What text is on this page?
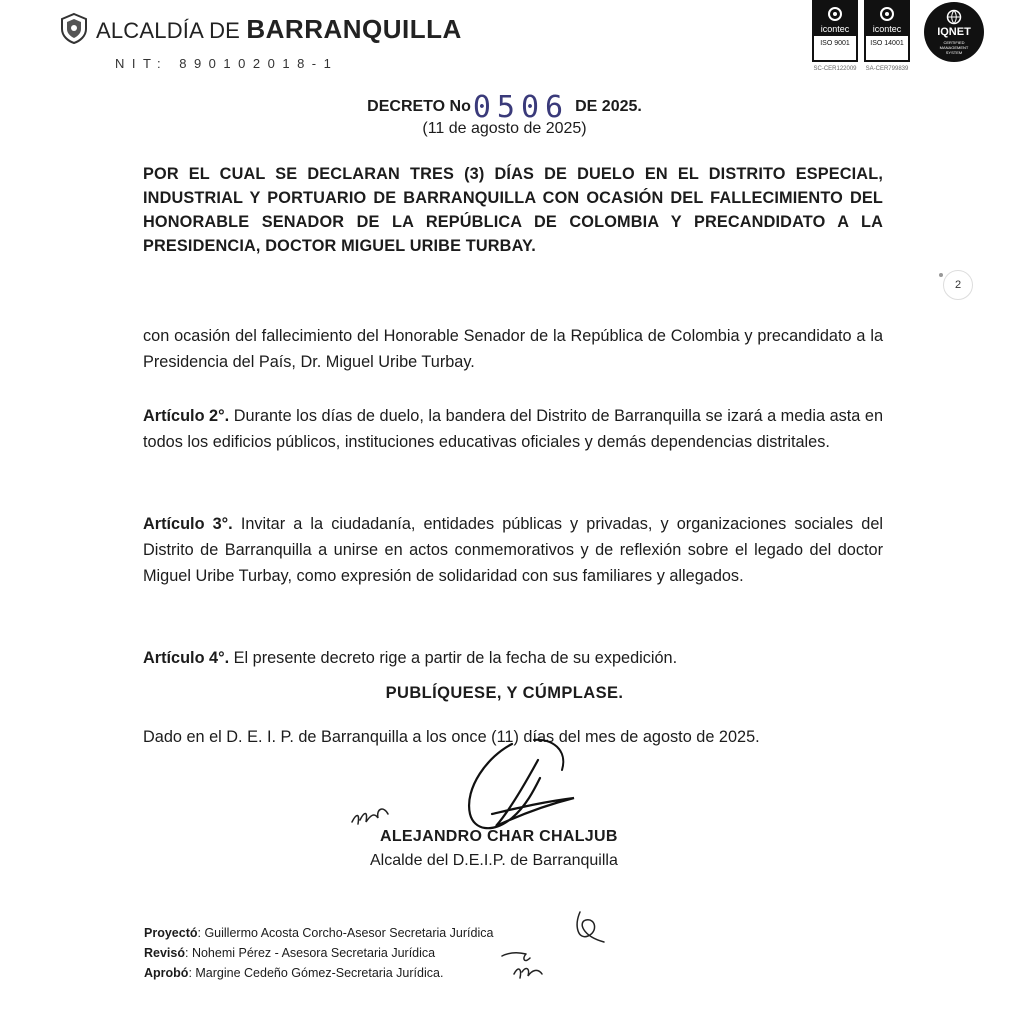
ALCALDÍA DE BARRANQUILLA
NIT: 890102018-1
icontec
ISO 9001
SC-CER122009
icontec
ISO 14001
SA-CER799839
IQNET
CERTIFIED MANAGEMENT SYSTEM
DECRETO No0506 DE 2025.
(11 de agosto de 2025)
POR EL CUAL SE DECLARAN TRES (3) DÍAS DE DUELO EN EL DISTRITO ESPECIAL, INDUSTRIAL Y PORTUARIO DE BARRANQUILLA CON OCASIÓN DEL FALLECIMIENTO DEL HONORABLE SENADOR DE LA REPÚBLICA DE COLOMBIA Y PRECANDIDATO A LA PRESIDENCIA, DOCTOR MIGUEL URIBE TURBAY.
2
con ocasión del fallecimiento del Honorable Senador de la República de Colombia y precandidato a la Presidencia del País, Dr. Miguel Uribe Turbay.
Artículo 2°. Durante los días de duelo, la bandera del Distrito de Barranquilla se izará a media asta en todos los edificios públicos, instituciones educativas oficiales y demás dependencias distritales.
Artículo 3°. Invitar a la ciudadanía, entidades públicas y privadas, y organizaciones sociales del Distrito de Barranquilla a unirse en actos conmemorativos y de reflexión sobre el legado del doctor Miguel Uribe Turbay, como expresión de solidaridad con sus familiares y allegados.
Artículo 4°. El presente decreto rige a partir de la fecha de su expedición.
PUBLÍQUESE, Y CÚMPLASE.
Dado en el D. E. I. P. de Barranquilla a los once (11) días del mes de agosto de 2025.
ALEJANDRO CHAR CHALJUB
Alcalde del D.E.I.P. de Barranquilla
Proyectó: Guillermo Acosta Corcho-Asesor Secretaria Jurídica
Revisó: Nohemi Pérez - Asesora Secretaria Jurídica
Aprobó: Margine Cedeño Gómez-Secretaria Jurídica.
